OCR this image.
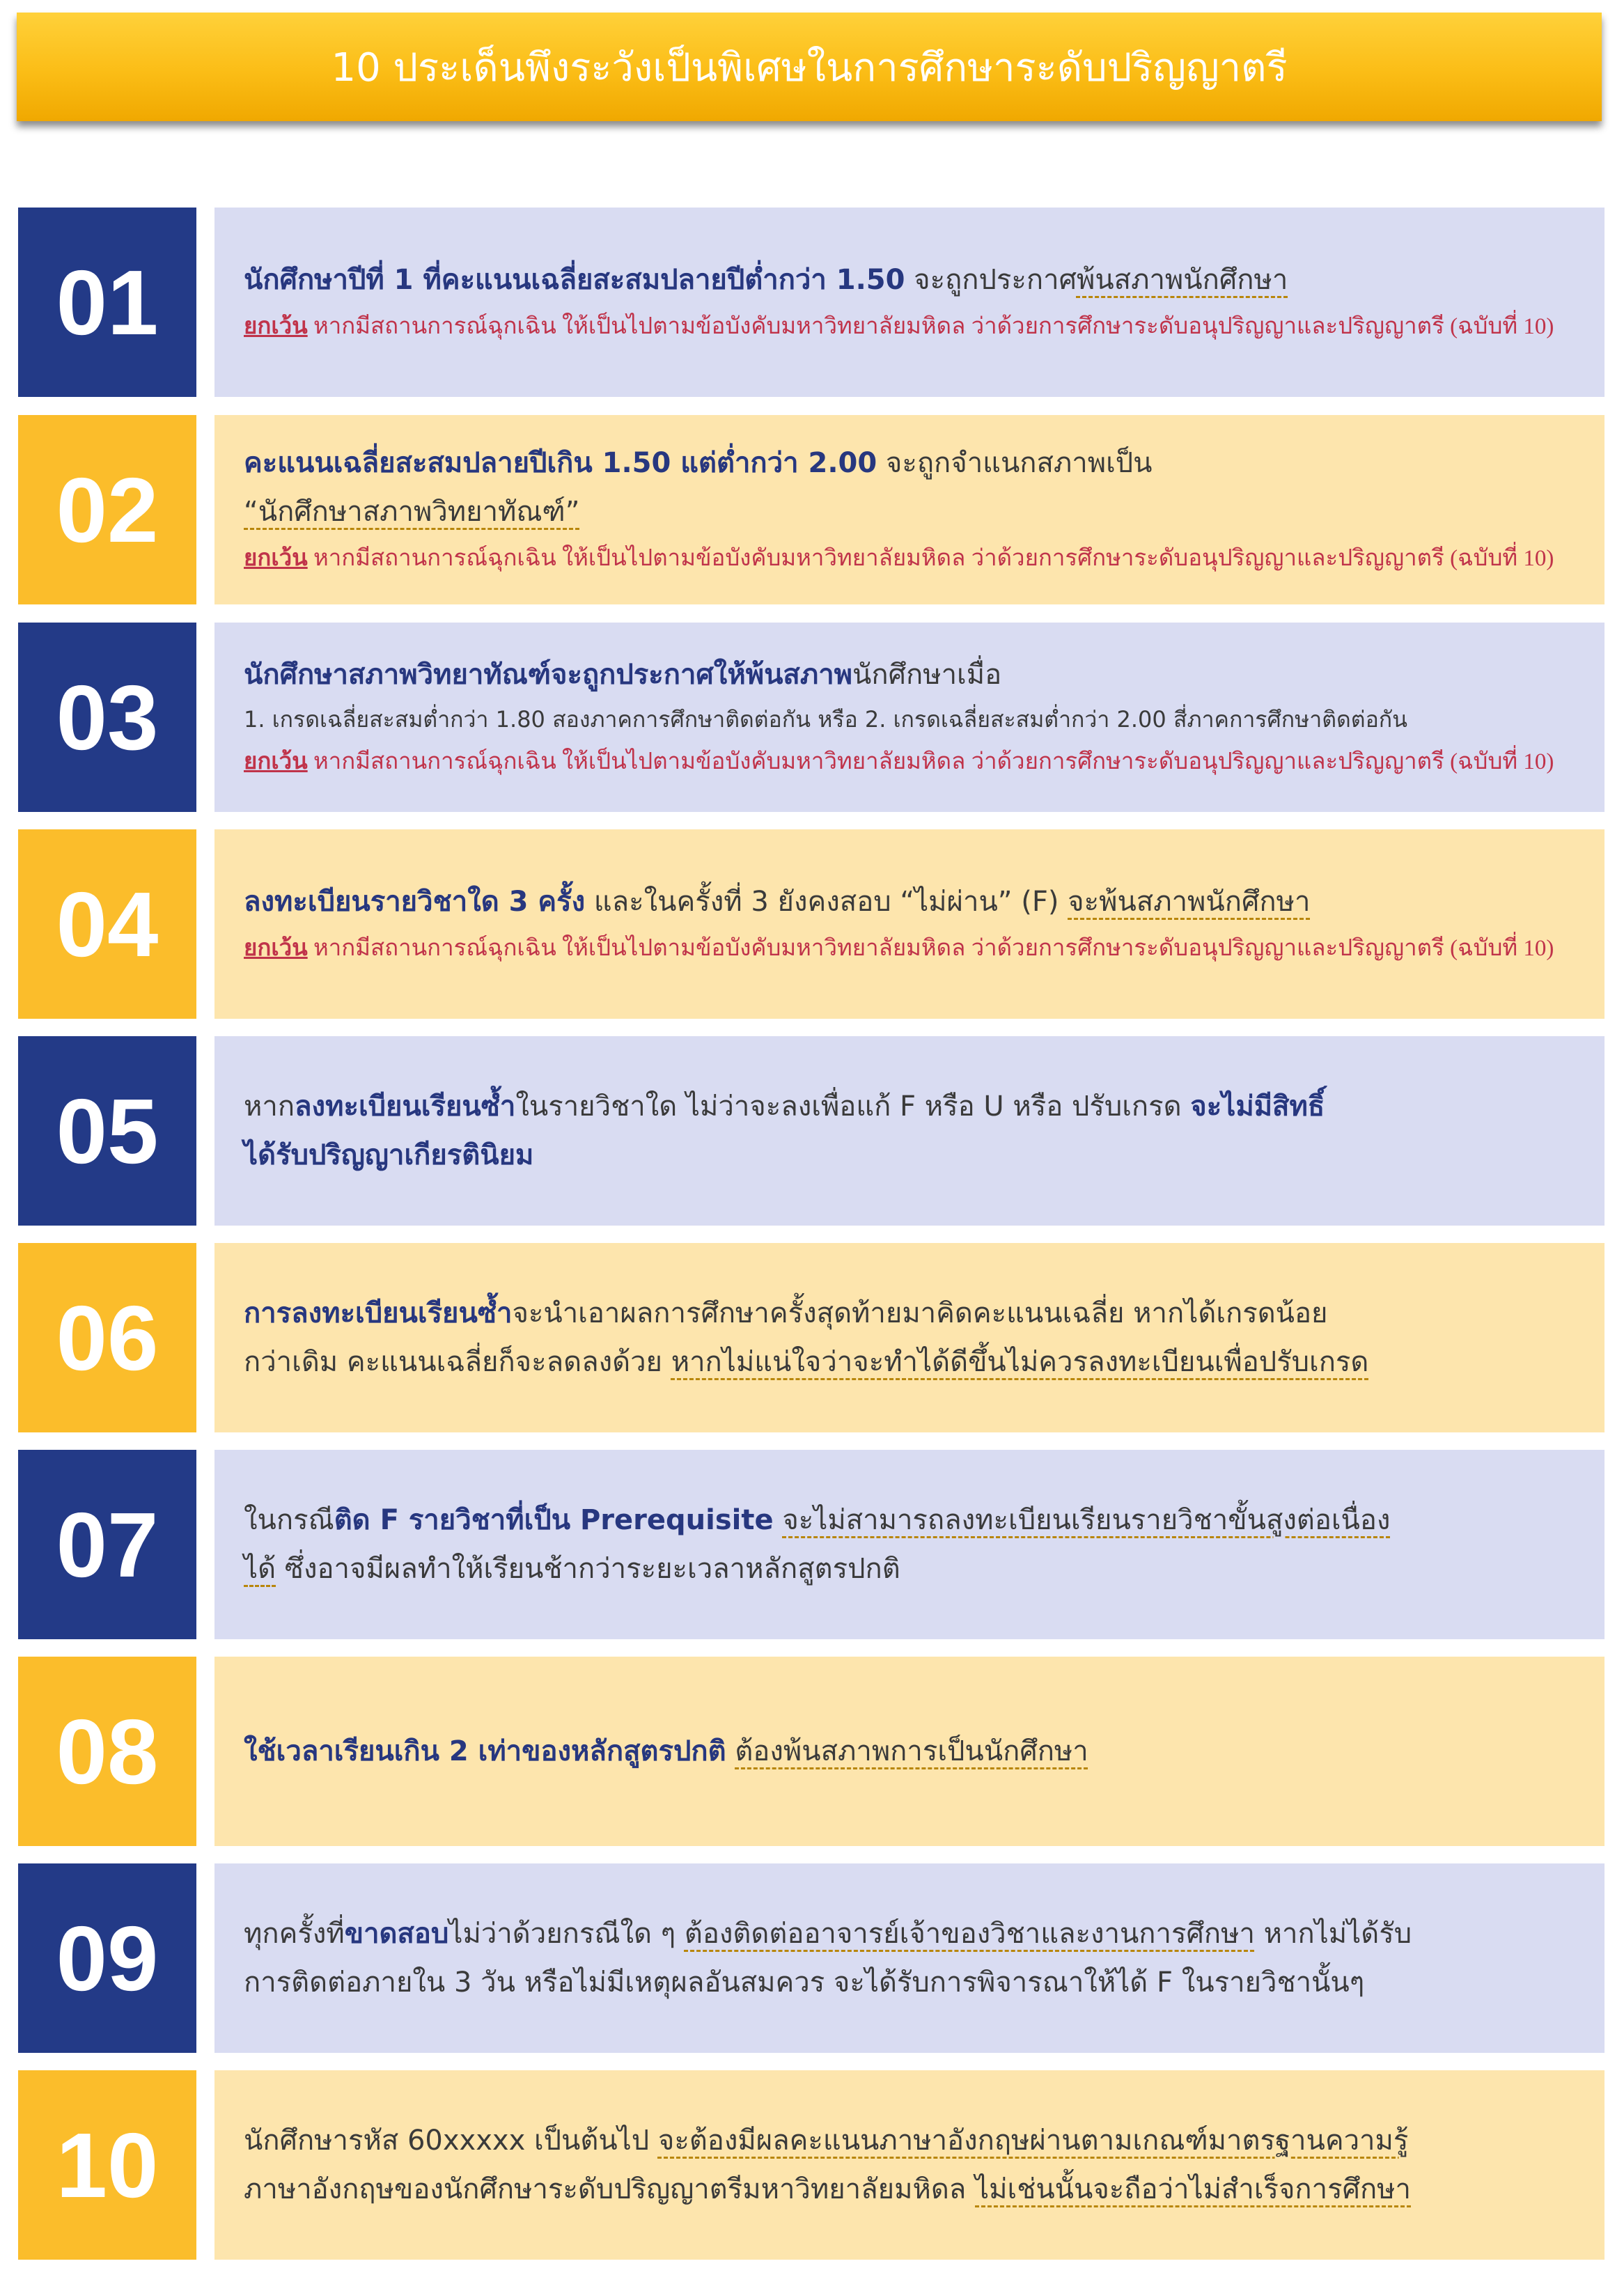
10 ประเด็นพึงระวังเป็นพิเศษในการศึกษาระดับปริญญาตรี
01	นักศึกษาปีที่ 1 ที่คะแนนเฉลี่ยสะสมปลายปีต่ำกว่า 1.50 จะถูกประกาศพ้นสภาพนักศึกษา
ยกเว้น หากมีสถานการณ์ฉุกเฉิน ให้เป็นไปตามข้อบังคับมหาวิทยาลัยมหิดล ว่าด้วยการศึกษาระดับอนุปริญญาและปริญญาตรี (ฉบับที่ 10)
02	คะแนนเฉลี่ยสะสมปลายปีเกิน 1.50 แต่ต่ำกว่า 2.00 จะถูกจำแนกสภาพเป็น
“นักศึกษาสภาพวิทยาทัณฑ์”
ยกเว้น หากมีสถานการณ์ฉุกเฉิน ให้เป็นไปตามข้อบังคับมหาวิทยาลัยมหิดล ว่าด้วยการศึกษาระดับอนุปริญญาและปริญญาตรี (ฉบับที่ 10)
03	นักศึกษาสภาพวิทยาทัณฑ์จะถูกประกาศให้พ้นสภาพนักศึกษาเมื่อ
1. เกรดเฉลี่ยสะสมต่ำกว่า 1.80 สองภาคการศึกษาติดต่อกัน หรือ 2. เกรดเฉลี่ยสะสมต่ำกว่า 2.00 สี่ภาคการศึกษาติดต่อกัน
ยกเว้น หากมีสถานการณ์ฉุกเฉิน ให้เป็นไปตามข้อบังคับมหาวิทยาลัยมหิดล ว่าด้วยการศึกษาระดับอนุปริญญาและปริญญาตรี (ฉบับที่ 10)
04	ลงทะเบียนรายวิชาใด 3 ครั้ง และในครั้งที่ 3 ยังคงสอบ “ไม่ผ่าน” (F) จะพ้นสภาพนักศึกษา
ยกเว้น หากมีสถานการณ์ฉุกเฉิน ให้เป็นไปตามข้อบังคับมหาวิทยาลัยมหิดล ว่าด้วยการศึกษาระดับอนุปริญญาและปริญญาตรี (ฉบับที่ 10)
05	หากลงทะเบียนเรียนซ้ำในรายวิชาใด ไม่ว่าจะลงเพื่อแก้ F หรือ U หรือ ปรับเกรด จะไม่มีสิทธิ์
ได้รับปริญญาเกียรตินิยม
06	การลงทะเบียนเรียนซ้ำจะนำเอาผลการศึกษาครั้งสุดท้ายมาคิดคะแนนเฉลี่ย หากได้เกรดน้อย
กว่าเดิม คะแนนเฉลี่ยก็จะลดลงด้วย หากไม่แน่ใจว่าจะทำได้ดีขึ้นไม่ควรลงทะเบียนเพื่อปรับเกรด
07	ในกรณีติด F รายวิชาที่เป็น Prerequisite จะไม่สามารถลงทะเบียนเรียนรายวิชาขั้นสูงต่อเนื่อง
ได้ ซึ่งอาจมีผลทำให้เรียนช้ากว่าระยะเวลาหลักสูตรปกติ
08	ใช้เวลาเรียนเกิน 2 เท่าของหลักสูตรปกติ ต้องพ้นสภาพการเป็นนักศึกษา
09	ทุกครั้งที่ขาดสอบไม่ว่าด้วยกรณีใด ๆ ต้องติดต่ออาจารย์เจ้าของวิชาและงานการศึกษา หากไม่ได้รับ
การติดต่อภายใน 3 วัน หรือไม่มีเหตุผลอันสมควร จะได้รับการพิจารณาให้ได้ F ในรายวิชานั้นๆ
10	นักศึกษารหัส 60xxxxx เป็นต้นไป จะต้องมีผลคะแนนภาษาอังกฤษผ่านตามเกณฑ์มาตรฐานความรู้
ภาษาอังกฤษของนักศึกษาระดับปริญญาตรีมหาวิทยาลัยมหิดล ไม่เช่นนั้นจะถือว่าไม่สำเร็จการศึกษา
